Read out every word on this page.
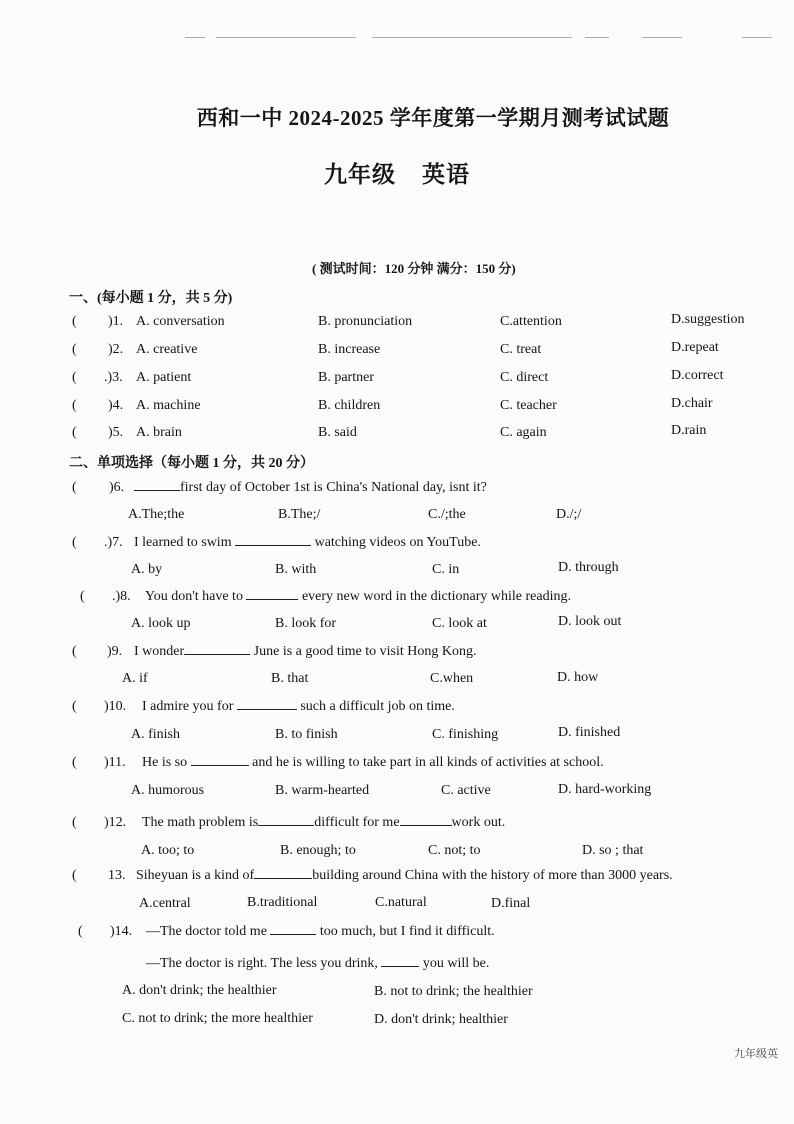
西和一中 2024-2025 学年度第一学期月测考试试题
九年级 英语
( 测试时间：120 分钟 满分：150 分)
一、(每小题 1 分，共 5 分)
( )1. A. conversation	B. pronunciation	C.attention	D.suggestion
( )2. A. creative	B. increase	C. treat	D.repeat
( .)3. A. patient	B. partner	C. direct	D.correct
( )4. A. machine	B. children	C. teacher	D.chair
( )5. A. brain	B. said	C. again	D.rain
二、单项选择（每小题 1 分，共 20 分）
( )6.	first day of October 1st is China's National day, isnt it?
A.The;the	B.The;/	C./;the	D./;/
( .)7. I learned to swim	watching videos on YouTube.
A. by	B. with	C. in	D. through
( .)8. You don't have to	every new word in the dictionary while reading.
A. look up	B. look for	C. look at	D. look out
( )9. I wonder	June is a good time to visit Hong Kong.
A. if	B. that	C.when	D. how
( )10. I admire you for	such a difficult job on time.
A. finish	B. to finish	C. finishing	D. finished
( )11. He is so	and he is willing to take part in all kinds of activities at school.
A. humorous	B. warm-hearted	C. active	D. hard-working
( )12. The math problem is	difficult for me	work out.
A. too; to	B. enough; to	C. not; to	D. so ; that
( 13. Siheyuan is a kind of	building around China with the history of more than 3000 years.
A.central	B.traditional	C.natural	D.final
( )14. —The doctor told me	too much, but I find it difficult.
—The doctor is right. The less you drink,	you will be.
A. don't drink; the healthier	B. not to drink; the healthier
C. not to drink; the more healthier	D. don't drink; healthier
九年级英
